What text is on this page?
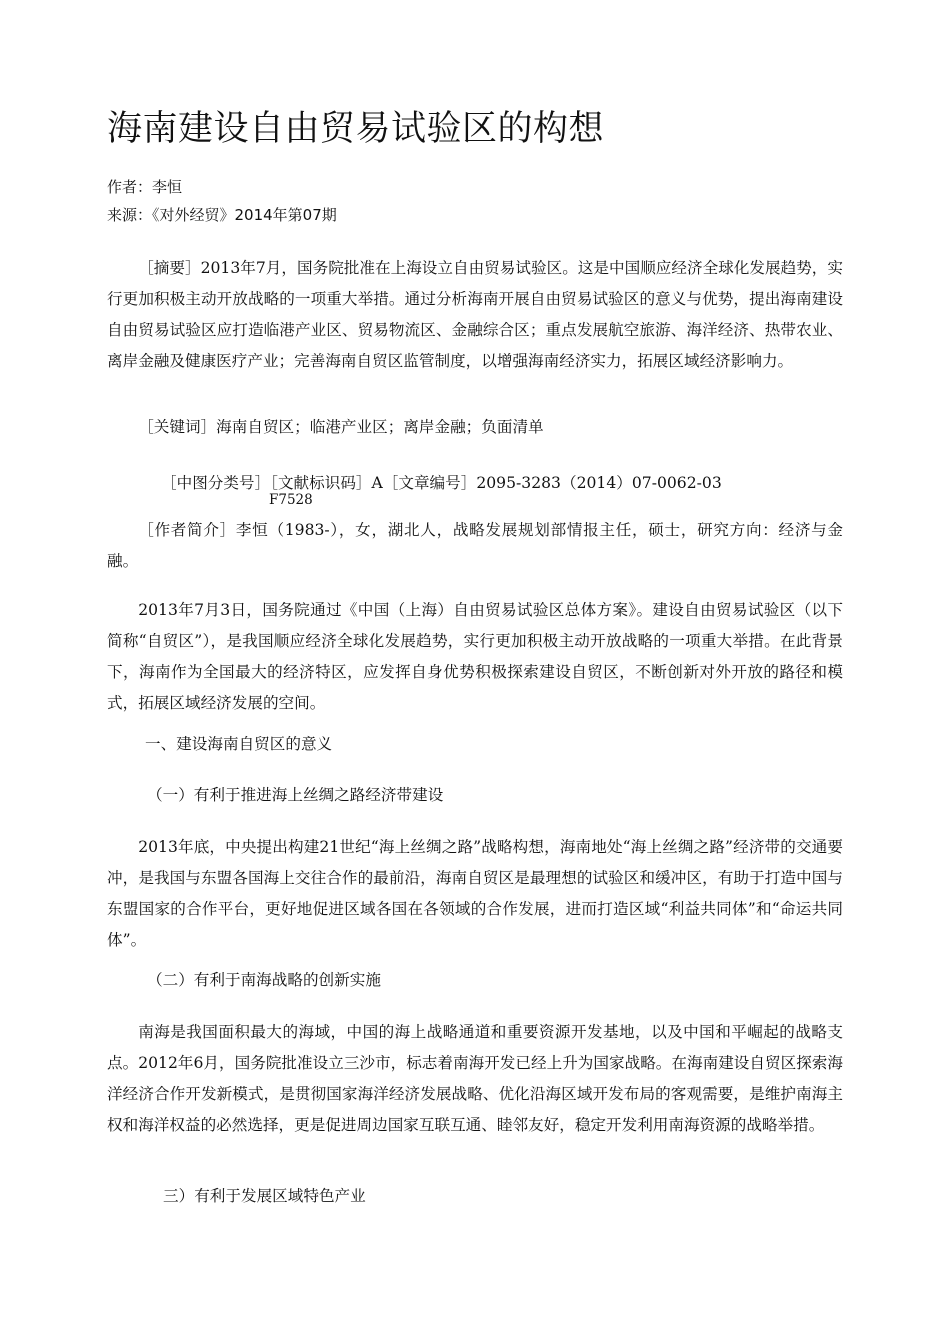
海南建设自由贸易试验区的构想
作者：李恒
来源：《对外经贸》2014年第07期

［摘要］2013年7月，国务院批准在上海设立自由贸易试验区。这是中国顺应经济全球化发展趋势，实行更加积极主动开放战略的一项重大举措。通过分析海南开展自由贸易试验区的意义与优势，提出海南建设自由贸易试验区应打造临港产业区、贸易物流区、金融综合区；重点发展航空旅游、海洋经济、热带农业、离岸金融及健康医疗产业；完善海南自贸区监管制度，以增强海南经济实力，拓展区域经济影响力。

［关键词］海南自贸区；临港产业区；离岸金融；负面清单

［中图分类号］［文献标识码］A［文章编号］2095-3283（2014）07-0062-03
F7528

［作者简介］李恒（1983-），女，湖北人，战略发展规划部情报主任，硕士，研究方向：经济与金融。

2013年7月3日，国务院通过《中国（上海）自由贸易试验区总体方案》。建设自由贸易试验区（以下简称“自贸区”），是我国顺应经济全球化发展趋势，实行更加积极主动开放战略的一项重大举措。在此背景下，海南作为全国最大的经济特区，应发挥自身优势积极探索建设自贸区，不断创新对外开放的路径和模式，拓展区域经济发展的空间。

一、建设海南自贸区的意义

（一）有利于推进海上丝绸之路经济带建设

2013年底，中央提出构建21世纪“海上丝绸之路”战略构想，海南地处“海上丝绸之路”经济带的交通要冲，是我国与东盟各国海上交往合作的最前沿，海南自贸区是最理想的试验区和缓冲区，有助于打造中国与东盟国家的合作平台，更好地促进区域各国在各领域的合作发展，进而打造区域“利益共同体”和“命运共同体”。

（二）有利于南海战略的创新实施

南海是我国面积最大的海域，中国的海上战略通道和重要资源开发基地，以及中国和平崛起的战略支点。2012年6月，国务院批准设立三沙市，标志着南海开发已经上升为国家战略。在海南建设自贸区探索海洋经济合作开发新模式，是贯彻国家海洋经济发展战略、优化沿海区域开发布局的客观需要，是维护南海主权和海洋权益的必然选择，更是促进周边国家互联互通、睦邻友好，稳定开发利用南海资源的战略举措。

三）有利于发展区域特色产业
